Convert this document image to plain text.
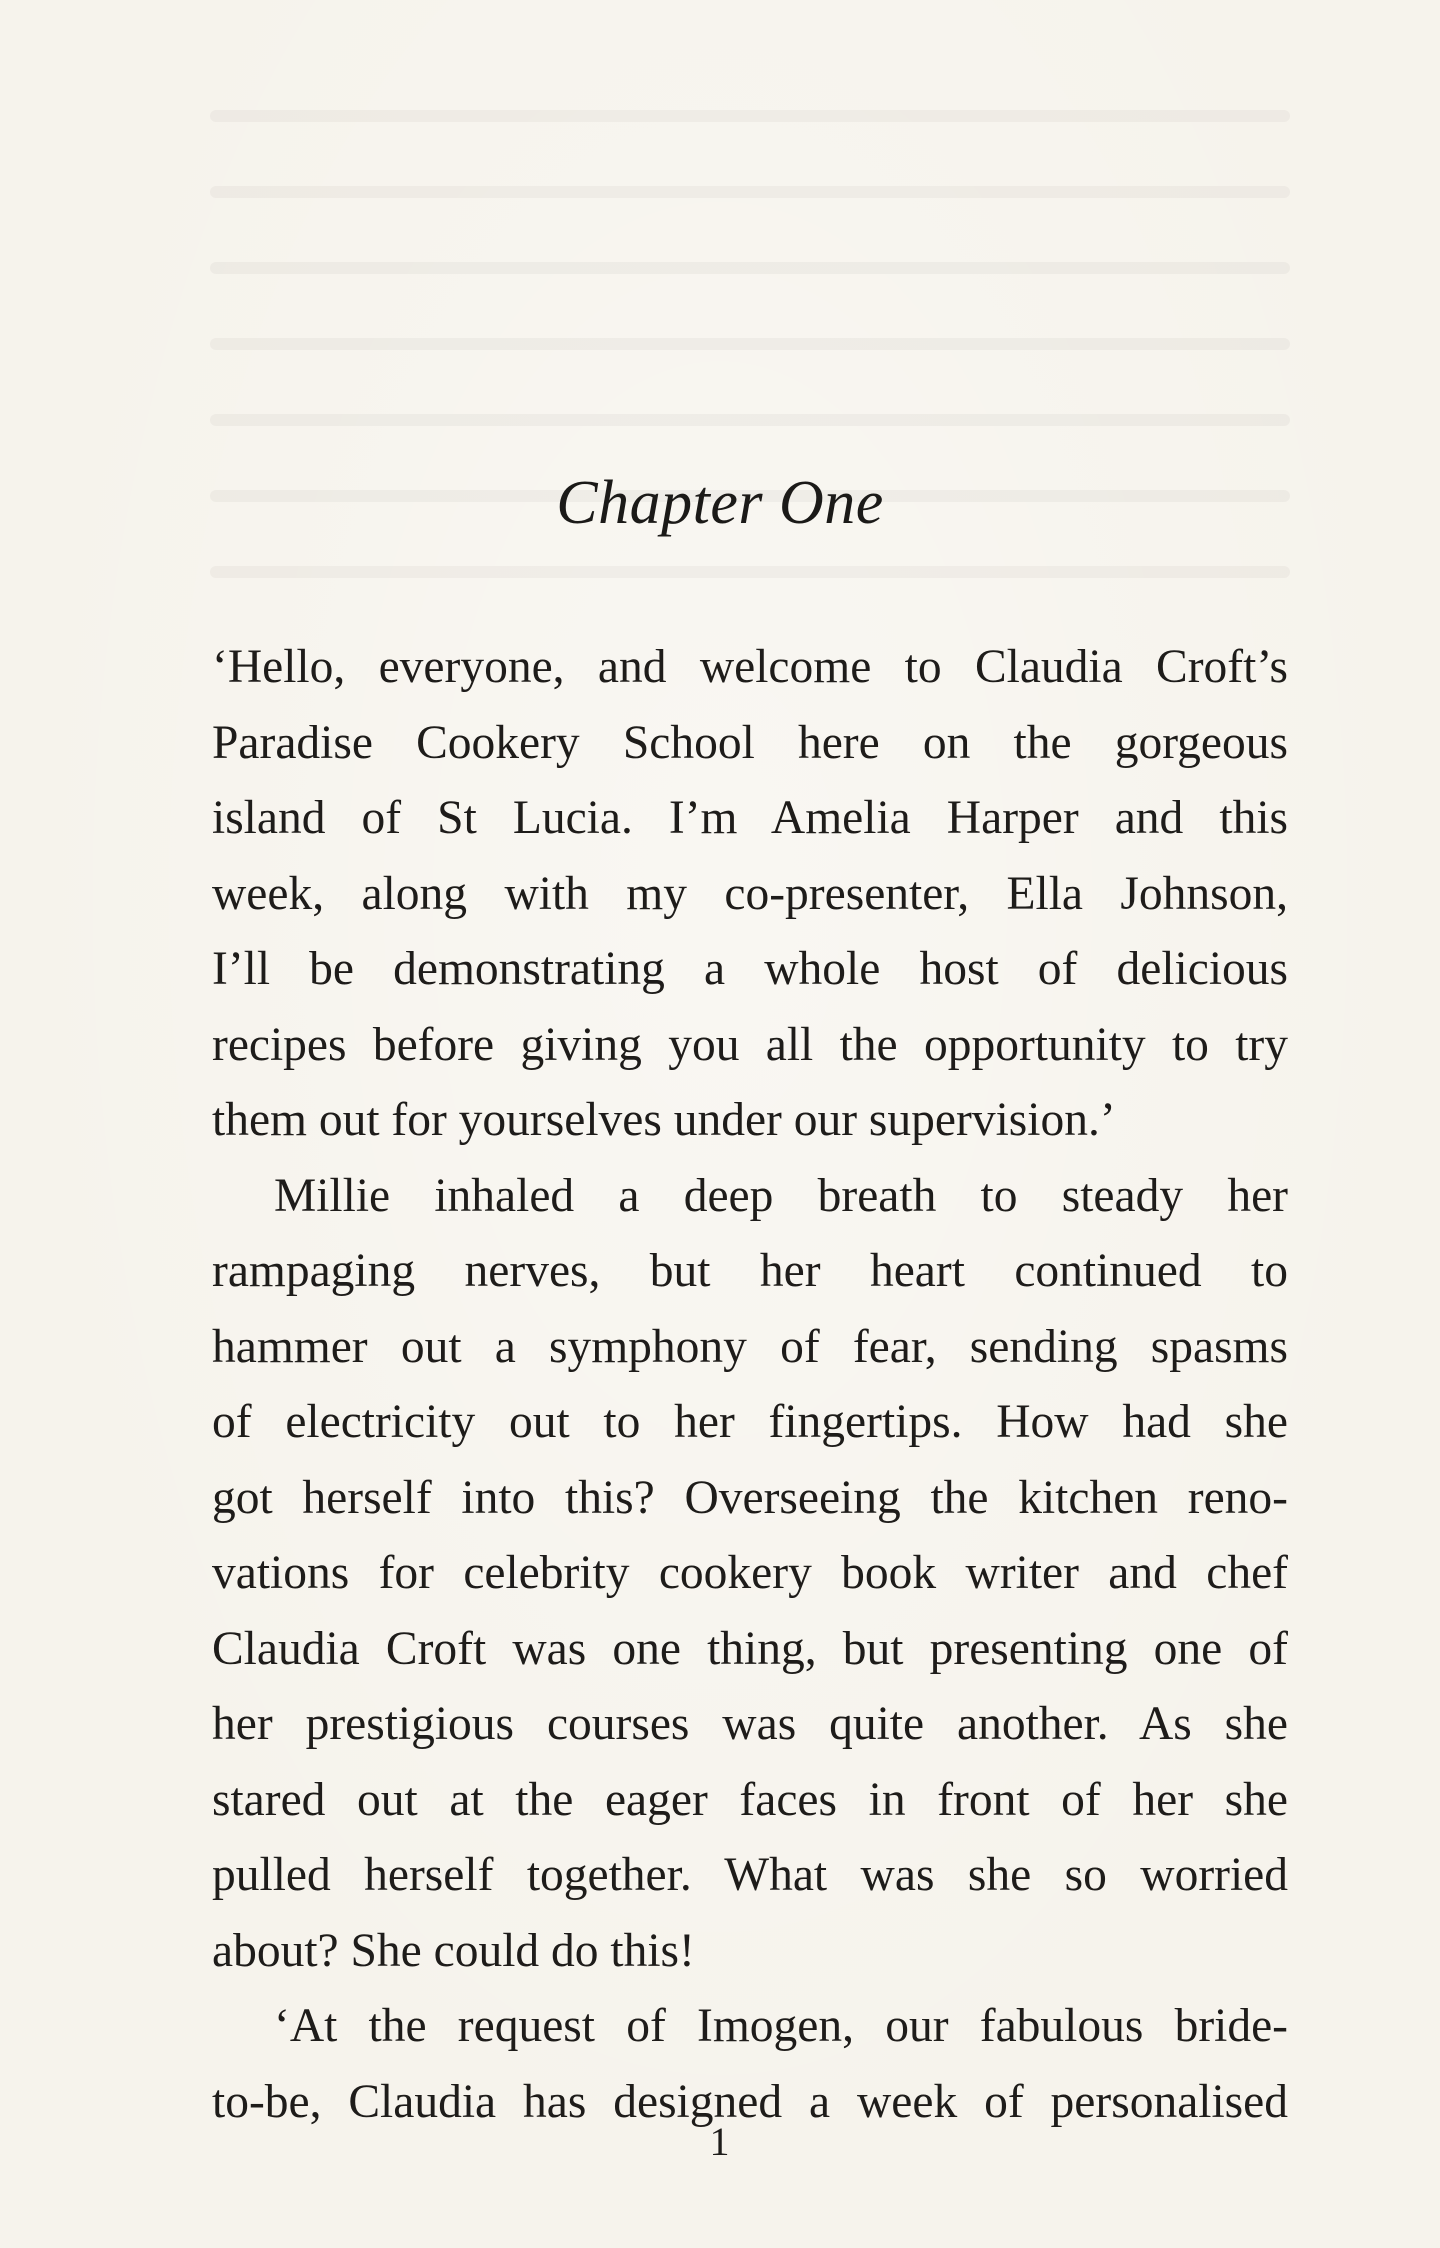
Chapter One
‘Hello, everyone, and welcome to Claudia Croft’s
Paradise Cookery School here on the gorgeous
island of St Lucia. I’m Amelia Harper and this
week, along with my co-presenter, Ella Johnson,
I’ll be demonstrating a whole host of delicious
recipes before giving you all the opportunity to try
them out for yourselves under our supervision.’
Millie inhaled a deep breath to steady her
rampaging nerves, but her heart continued to
hammer out a symphony of fear, sending spasms
of electricity out to her fingertips. How had she
got herself into this? Overseeing the kitchen reno-
vations for celebrity cookery book writer and chef
Claudia Croft was one thing, but presenting one of
her prestigious courses was quite another. As she
stared out at the eager faces in front of her she
pulled herself together. What was she so worried
about? She could do this!
‘At the request of Imogen, our fabulous bride-
to-be, Claudia has designed a week of personalised
1
